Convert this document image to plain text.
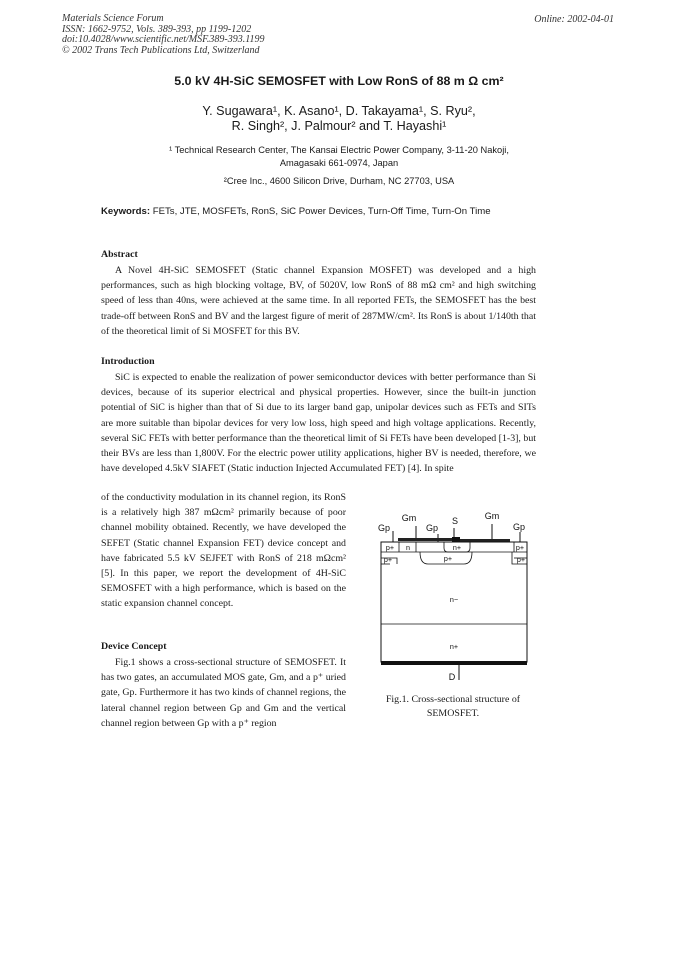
Materials Science Forum
ISSN: 1662-9752, Vols. 389-393, pp 1199-1202
doi:10.4028/www.scientific.net/MSF.389-393.1199
© 2002 Trans Tech Publications Ltd, Switzerland
Online: 2002-04-01
5.0 kV 4H-SiC SEMOSFET with Low RonS of 88 m Ω cm²
Y. Sugawara¹, K. Asano¹, D. Takayama¹, S. Ryu²,
R. Singh², J. Palmour² and T. Hayashi¹
¹ Technical Research Center, The Kansai Electric Power Company, 3-11-20 Nakoji,
Amagasaki 661-0974, Japan
²Cree Inc., 4600 Silicon Drive, Durham, NC 27703, USA
Keywords: FETs, JTE, MOSFETs, RonS, SiC Power Devices, Turn-Off Time, Turn-On Time
Abstract

A Novel 4H-SiC SEMOSFET (Static channel Expansion MOSFET) was developed and a high performances, such as high blocking voltage, BV, of 5020V, low RonS of 88 mΩ cm² and high switching speed of less than 40ns, were achieved at the same time. In all reported FETs, the SEMOSFET has the best trade-off between RonS and BV and the largest figure of merit of 287MW/cm². Its RonS is about 1/140th that of the theoretical limit of Si MOSFET for this BV.

Introduction

SiC is expected to enable the realization of power semiconductor devices with better performance than Si devices, because of its superior electrical and physical properties. However, since the built-in junction potential of SiC is higher than that of Si due to its larger band gap, unipolar devices such as FETs and SITs are more suitable than bipolar devices for very low loss, high speed and high voltage applications. Recently, several SiC FETs with better performance than the theoretical limit of Si FETs have been developed [1-3], but their BVs are less than 1,800V. For the electric power utility applications, higher BV is needed, therefore, we have developed 4.5kV SIAFET (Static induction Injected Accumulated FET) [4]. In spite

of the conductivity modulation in its channel region, its RonS is a relatively high 387 mΩcm² primarily because of poor channel mobility obtained. Recently, we have developed the SEFET (Static channel Expansion FET) device concept and have fabricated 5.5 kV SEJFET with RonS of 218 mΩcm² [5]. In this paper, we report the development of 4H-SiC SEMOSFET with a high performance, which is based on the static expansion channel concept.

Device Concept

Fig.1 shows a cross-sectional structure of SEMOSFET. It has two gates, an accumulated MOS gate, Gm, and a p⁺ uried gate, Gp. Furthermore it has two kinds of channel regions, the lateral channel region between Gp and Gm and the vertical channel region between Gp with a p⁺ region

Gp
Gm
Gp
S	Gm
Gp
p+ n	n+	p+
p+	p+	p+
n−
n+
D
Fig.1. Cross-sectional structure of
SEMOSFET.
